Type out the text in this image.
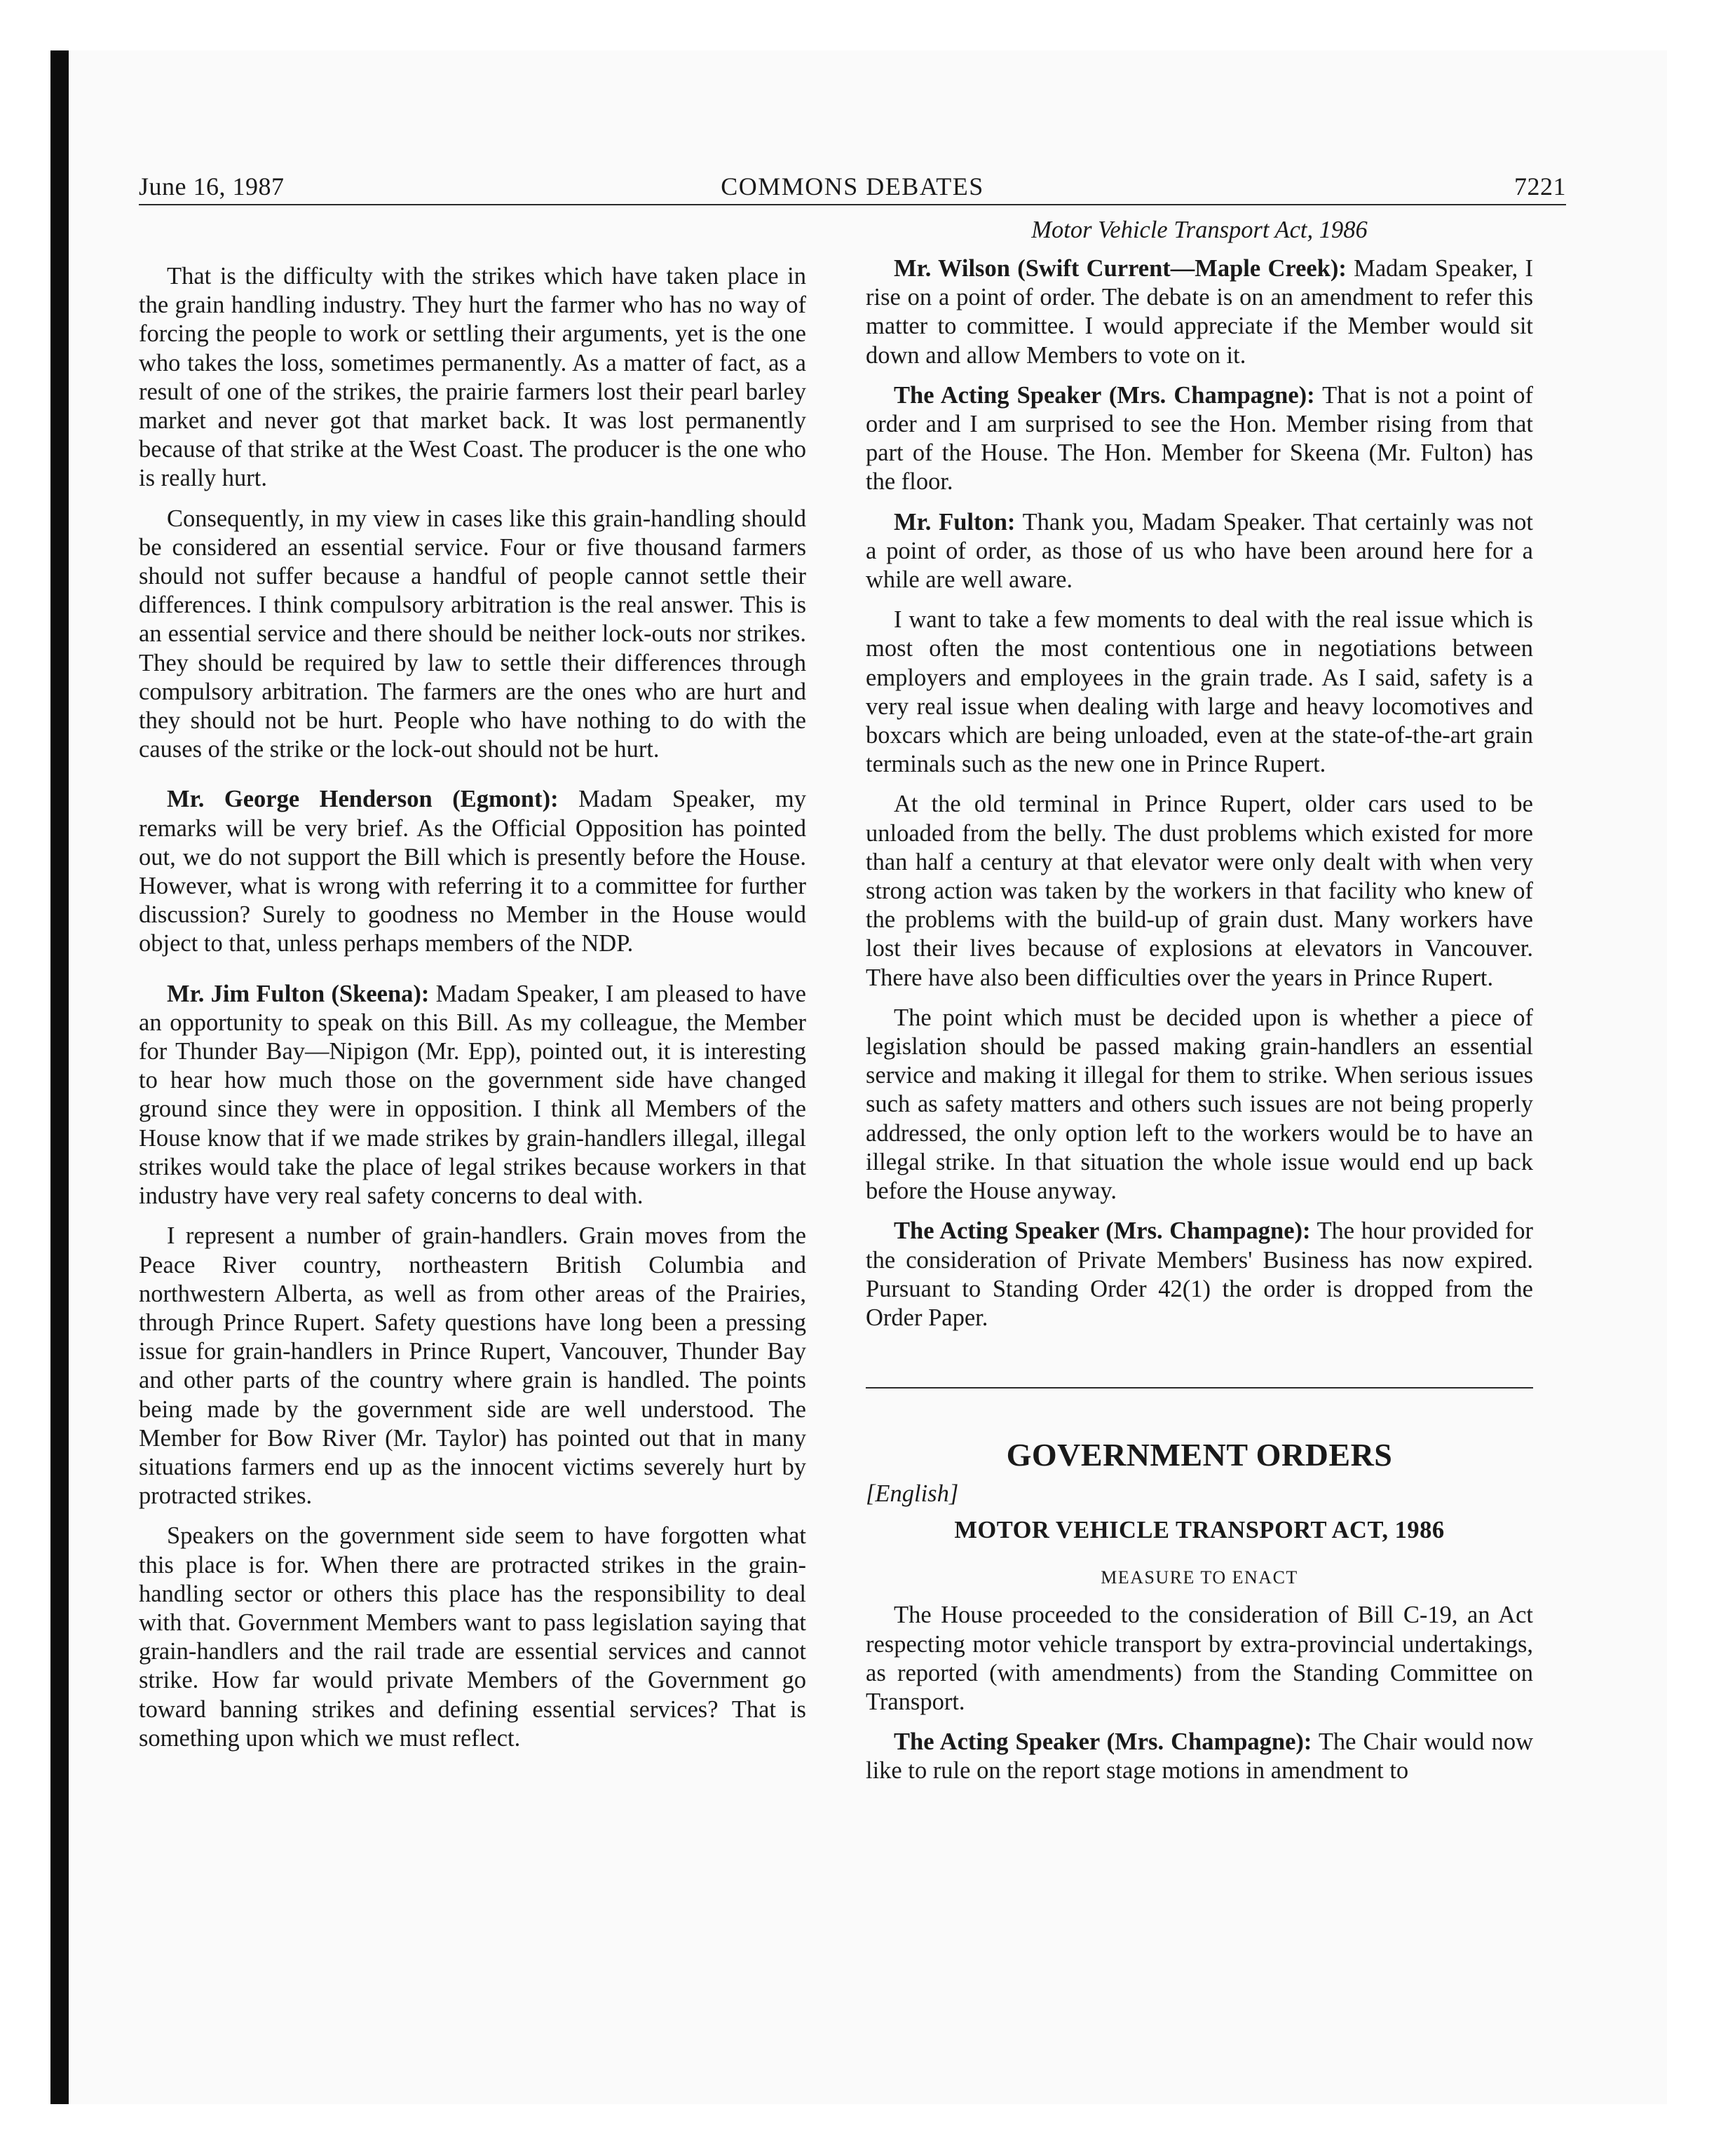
June 16, 1987	COMMONS DEBATES	7221

That is the difficulty with the strikes which have taken place in the grain handling industry. They hurt the farmer who has no way of forcing the people to work or settling their arguments, yet is the one who takes the loss, sometimes permanently. As a matter of fact, as a result of one of the strikes, the prairie farmers lost their pearl barley market and never got that market back. It was lost permanently because of that strike at the West Coast. The producer is the one who is really hurt.

Consequently, in my view in cases like this grain-handling should be considered an essential service. Four or five thousand farmers should not suffer because a handful of people cannot settle their differences. I think compulsory arbitration is the real answer. This is an essential service and there should be neither lock-outs nor strikes. They should be required by law to settle their differences through compulsory arbitration. The farmers are the ones who are hurt and they should not be hurt. People who have nothing to do with the causes of the strike or the lock-out should not be hurt.

Mr. George Henderson (Egmont): Madam Speaker, my remarks will be very brief. As the Official Opposition has pointed out, we do not support the Bill which is presently before the House. However, what is wrong with referring it to a committee for further discussion? Surely to goodness no Member in the House would object to that, unless perhaps members of the NDP.

Mr. Jim Fulton (Skeena): Madam Speaker, I am pleased to have an opportunity to speak on this Bill. As my colleague, the Member for Thunder Bay—Nipigon (Mr. Epp), pointed out, it is interesting to hear how much those on the government side have changed ground since they were in opposition. I think all Members of the House know that if we made strikes by grain-handlers illegal, illegal strikes would take the place of legal strikes because workers in that industry have very real safety concerns to deal with.

I represent a number of grain-handlers. Grain moves from the Peace River country, northeastern British Columbia and northwestern Alberta, as well as from other areas of the Prairies, through Prince Rupert. Safety questions have long been a pressing issue for grain-handlers in Prince Rupert, Vancouver, Thunder Bay and other parts of the country where grain is handled. The points being made by the government side are well understood. The Member for Bow River (Mr. Taylor) has pointed out that in many situations farmers end up as the innocent victims severely hurt by protracted strikes.

Speakers on the government side seem to have forgotten what this place is for. When there are protracted strikes in the grain-handling sector or others this place has the responsibility to deal with that. Government Members want to pass legislation saying that grain-handlers and the rail trade are essential services and cannot strike. How far would private Members of the Government go toward banning strikes and defining essential services? That is something upon which we must reflect.

Motor Vehicle Transport Act, 1986

Mr. Wilson (Swift Current—Maple Creek): Madam Speaker, I rise on a point of order. The debate is on an amendment to refer this matter to committee. I would appreciate if the Member would sit down and allow Members to vote on it.

The Acting Speaker (Mrs. Champagne): That is not a point of order and I am surprised to see the Hon. Member rising from that part of the House. The Hon. Member for Skeena (Mr. Fulton) has the floor.

Mr. Fulton: Thank you, Madam Speaker. That certainly was not a point of order, as those of us who have been around here for a while are well aware.

I want to take a few moments to deal with the real issue which is most often the most contentious one in negotiations between employers and employees in the grain trade. As I said, safety is a very real issue when dealing with large and heavy locomotives and boxcars which are being unloaded, even at the state-of-the-art grain terminals such as the new one in Prince Rupert.

At the old terminal in Prince Rupert, older cars used to be unloaded from the belly. The dust problems which existed for more than half a century at that elevator were only dealt with when very strong action was taken by the workers in that facility who knew of the problems with the build-up of grain dust. Many workers have lost their lives because of explosions at elevators in Vancouver. There have also been difficulties over the years in Prince Rupert.

The point which must be decided upon is whether a piece of legislation should be passed making grain-handlers an essential service and making it illegal for them to strike. When serious issues such as safety matters and others such issues are not being properly addressed, the only option left to the workers would be to have an illegal strike. In that situation the whole issue would end up back before the House anyway.

The Acting Speaker (Mrs. Champagne): The hour provided for the consideration of Private Members' Business has now expired. Pursuant to Standing Order 42(1) the order is dropped from the Order Paper.

GOVERNMENT ORDERS
[English]
MOTOR VEHICLE TRANSPORT ACT, 1986
MEASURE TO ENACT

The House proceeded to the consideration of Bill C-19, an Act respecting motor vehicle transport by extra-provincial undertakings, as reported (with amendments) from the Standing Committee on Transport.

The Acting Speaker (Mrs. Champagne): The Chair would now like to rule on the report stage motions in amendment to
